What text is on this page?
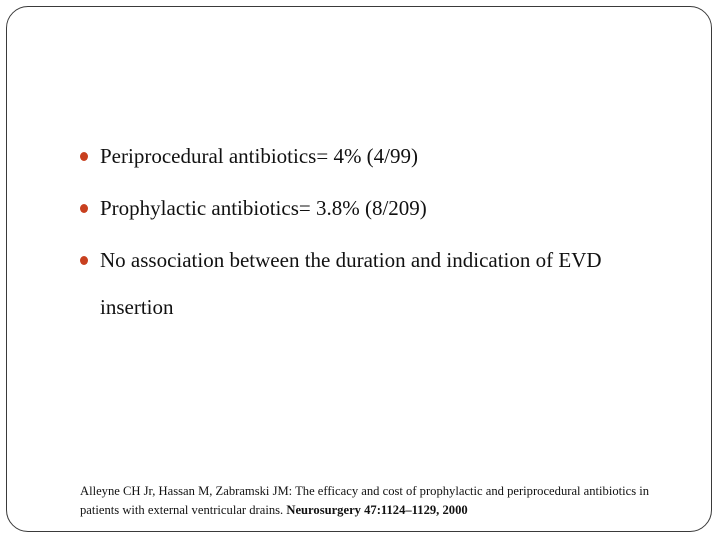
Periprocedural antibiotics= 4% (4/99)
Prophylactic antibiotics= 3.8% (8/209)
No association between the duration and indication of EVD insertion
Alleyne CH Jr, Hassan M, Zabramski JM: The efficacy and cost of prophylactic and periprocedural antibiotics in patients with external ventricular drains. Neurosurgery 47:1124–1129, 2000
